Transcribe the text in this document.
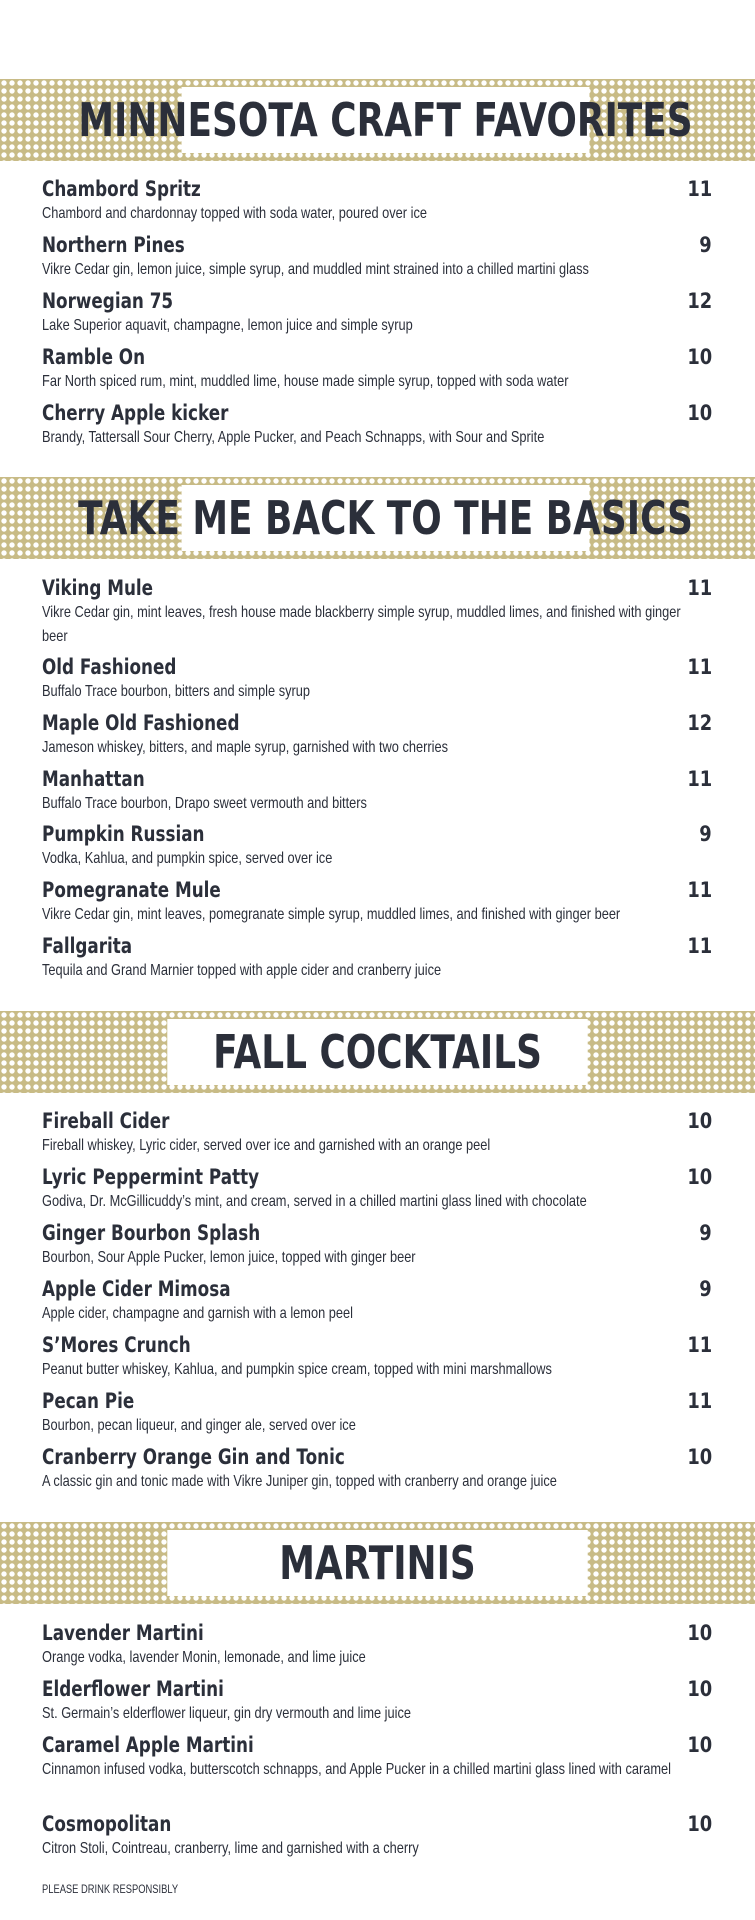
MINNESOTA CRAFT FAVORITES
Chambord Spritz	11
Chambord and chardonnay topped with soda water, poured over ice
Northern Pines	9
Vikre Cedar gin, lemon juice, simple syrup, and muddled mint strained into a chilled martini glass
Norwegian 75	12
Lake Superior aquavit, champagne, lemon juice and simple syrup
Ramble On	10
Far North spiced rum, mint, muddled lime, house made simple syrup, topped with soda water
Cherry Apple kicker	10
Brandy, Tattersall Sour Cherry, Apple Pucker, and Peach Schnapps, with Sour and Sprite
TAKE ME BACK TO THE BASICS
Viking Mule	11
Vikre Cedar gin, mint leaves, fresh house made blackberry simple syrup, muddled limes, and finished with ginger beer
Old Fashioned	11
Buffalo Trace bourbon, bitters and simple syrup
Maple Old Fashioned	12
Jameson whiskey, bitters, and maple syrup, garnished with two cherries
Manhattan	11
Buffalo Trace bourbon, Drapo sweet vermouth and bitters
Pumpkin Russian	9
Vodka, Kahlua, and pumpkin spice, served over ice
Pomegranate Mule	11
Vikre Cedar gin, mint leaves, pomegranate simple syrup, muddled limes, and finished with ginger beer
Fallgarita	11
Tequila and Grand Marnier topped with apple cider and cranberry juice
FALL COCKTAILS
Fireball Cider	10
Fireball whiskey, Lyric cider, served over ice and garnished with an orange peel
Lyric Peppermint Patty	10
Godiva, Dr. McGillicuddy’s mint, and cream, served in a chilled martini glass lined with chocolate
Ginger Bourbon Splash	9
Bourbon, Sour Apple Pucker, lemon juice, topped with ginger beer
Apple Cider Mimosa	9
Apple cider, champagne and garnish with a lemon peel
S’Mores Crunch	11
Peanut butter whiskey, Kahlua, and pumpkin spice cream, topped with mini marshmallows
Pecan Pie	11
Bourbon, pecan liqueur, and ginger ale, served over ice
Cranberry Orange Gin and Tonic	10
A classic gin and tonic made with Vikre Juniper gin, topped with cranberry and orange juice
MARTINIS
Lavender Martini	10
Orange vodka, lavender Monin, lemonade, and lime juice
Elderflower Martini	10
St. Germain’s elderflower liqueur, gin dry vermouth and lime juice
Caramel Apple Martini	10
Cinnamon infused vodka, butterscotch schnapps, and Apple Pucker in a chilled martini glass lined with caramel
Cosmopolitan	10
Citron Stoli, Cointreau, cranberry, lime and garnished with a cherry
PLEASE DRINK RESPONSIBLY
